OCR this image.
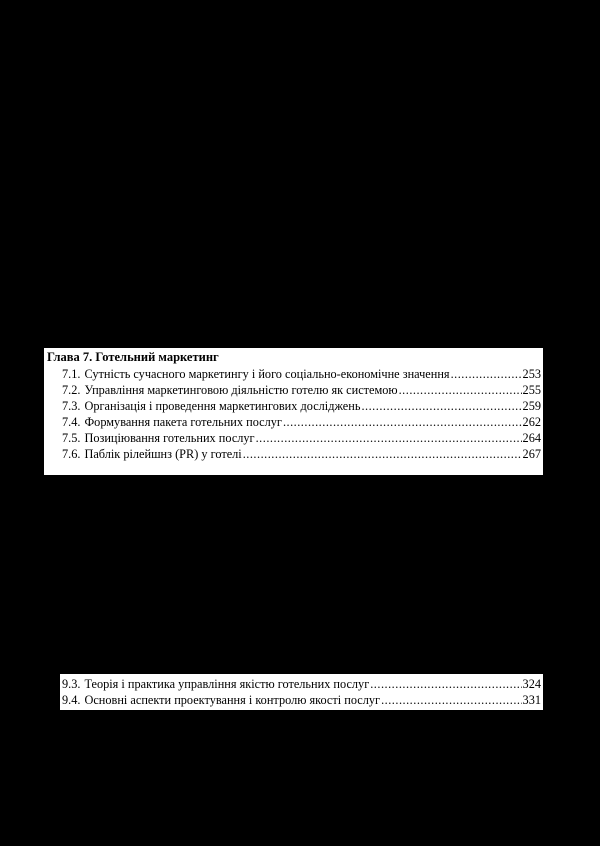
Глава 7. Готельний маркетинг
7.1. Сутність сучасного маркетингу і його соціально-економічне значення .....	253
7.2. Управління маркетинговою діяльністю готелю як системою .....	255
7.3. Організація і проведення маркетингових досліджень .....	259
7.4. Формування пакета готельних послуг .....	262
7.5. Позиціювання готельних послуг .....	264
7.6. Паблік рілейшнз (PR) у готелі .....	267
9.3. Теорія і практика управління якістю готельних послуг .....	324
9.4. Основні аспекти проектування і контролю якості послуг .....	331
